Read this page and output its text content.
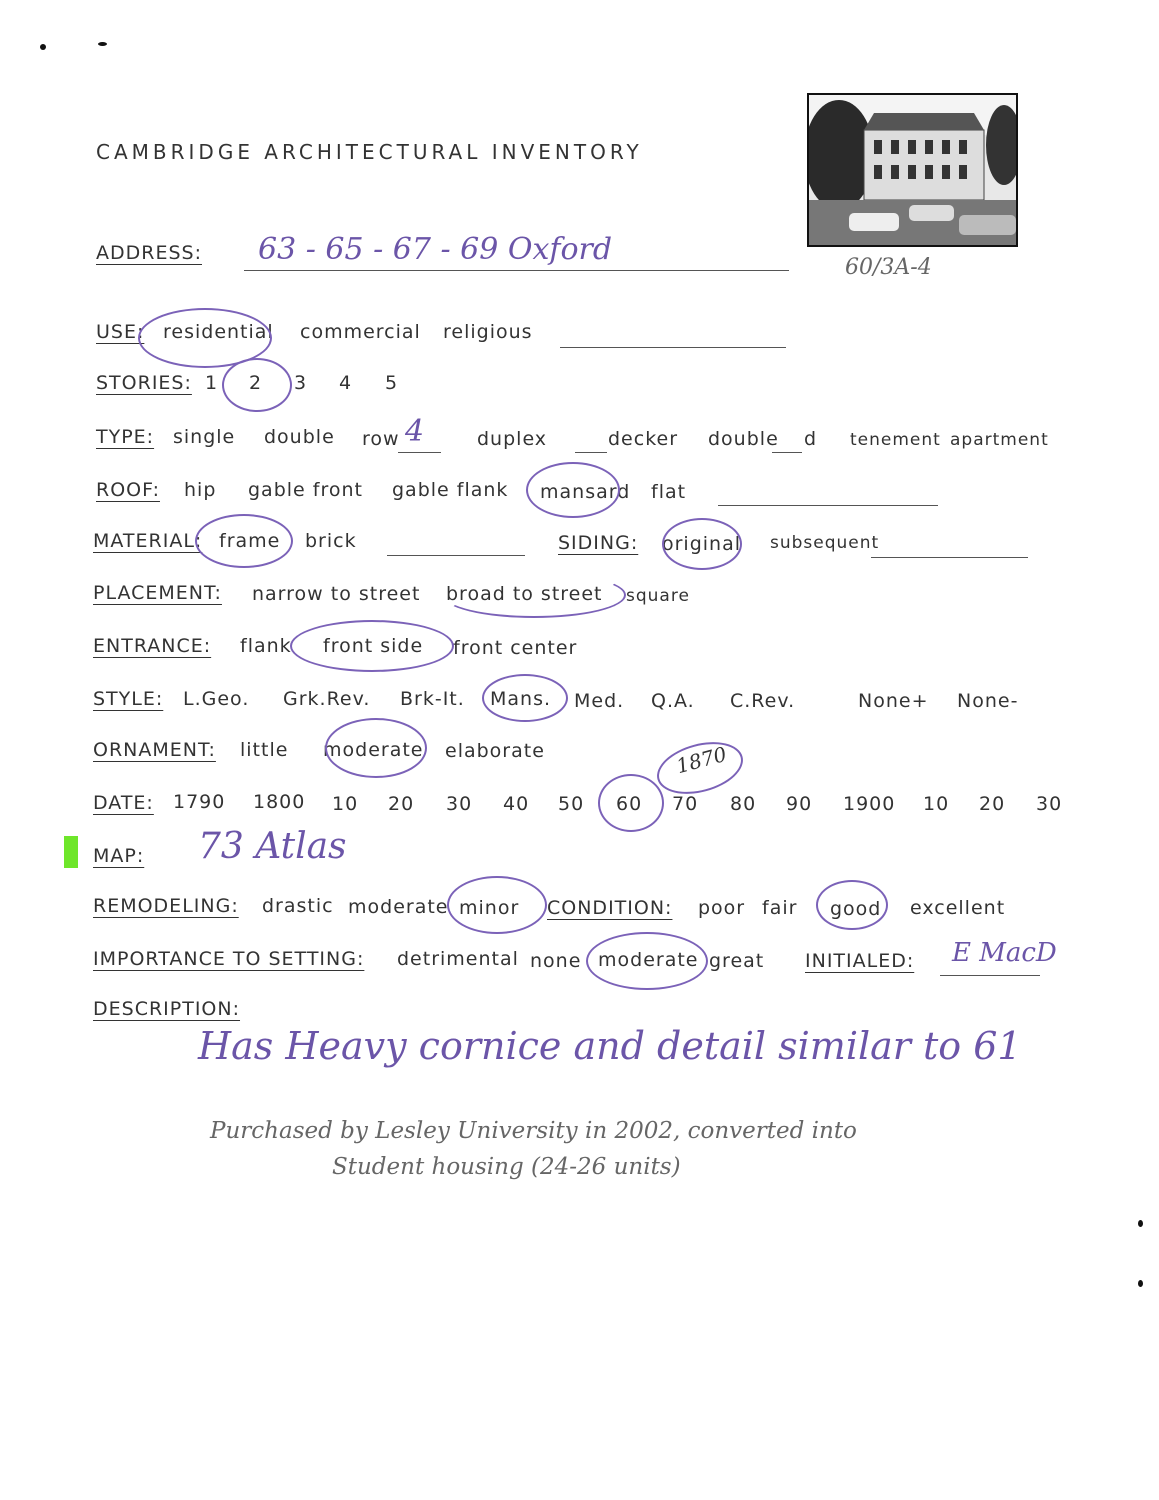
CAMBRIDGE ARCHITECTURAL INVENTORY
60/3A-4
ADDRESS: 63 - 65 - 67 - 69 Oxford
USE: residential commercial religious
STORIES: 1 2 3 4 5
TYPE: single double row 4	duplex	decker double d tenement apartment
ROOF: hip gable front gable flank mansard flat
MATERIAL: frame brick	SIDING: original subsequent
PLACEMENT: narrow to street broad to street square
ENTRANCE: flank front side front center
STYLE: L.Geo. Grk.Rev. Brk-It. Mans. Med. Q.A. C.Rev.	None+ None-
ORNAMENT: little moderate elaborate
DATE: 1790 1800 10 20 30 40 50 60 70 80 90 1900 10 20 30
1870
MAP: 73 Atlas
REMODELING: drastic moderate minor CONDITION: poor fair good excellent
IMPORTANCE TO SETTING: detrimental none moderate great INITIALED: E MacD
DESCRIPTION:
Has Heavy cornice and detail similar to 61
Purchased by Lesley University in 2002, converted into
Student housing (24-26 units)
